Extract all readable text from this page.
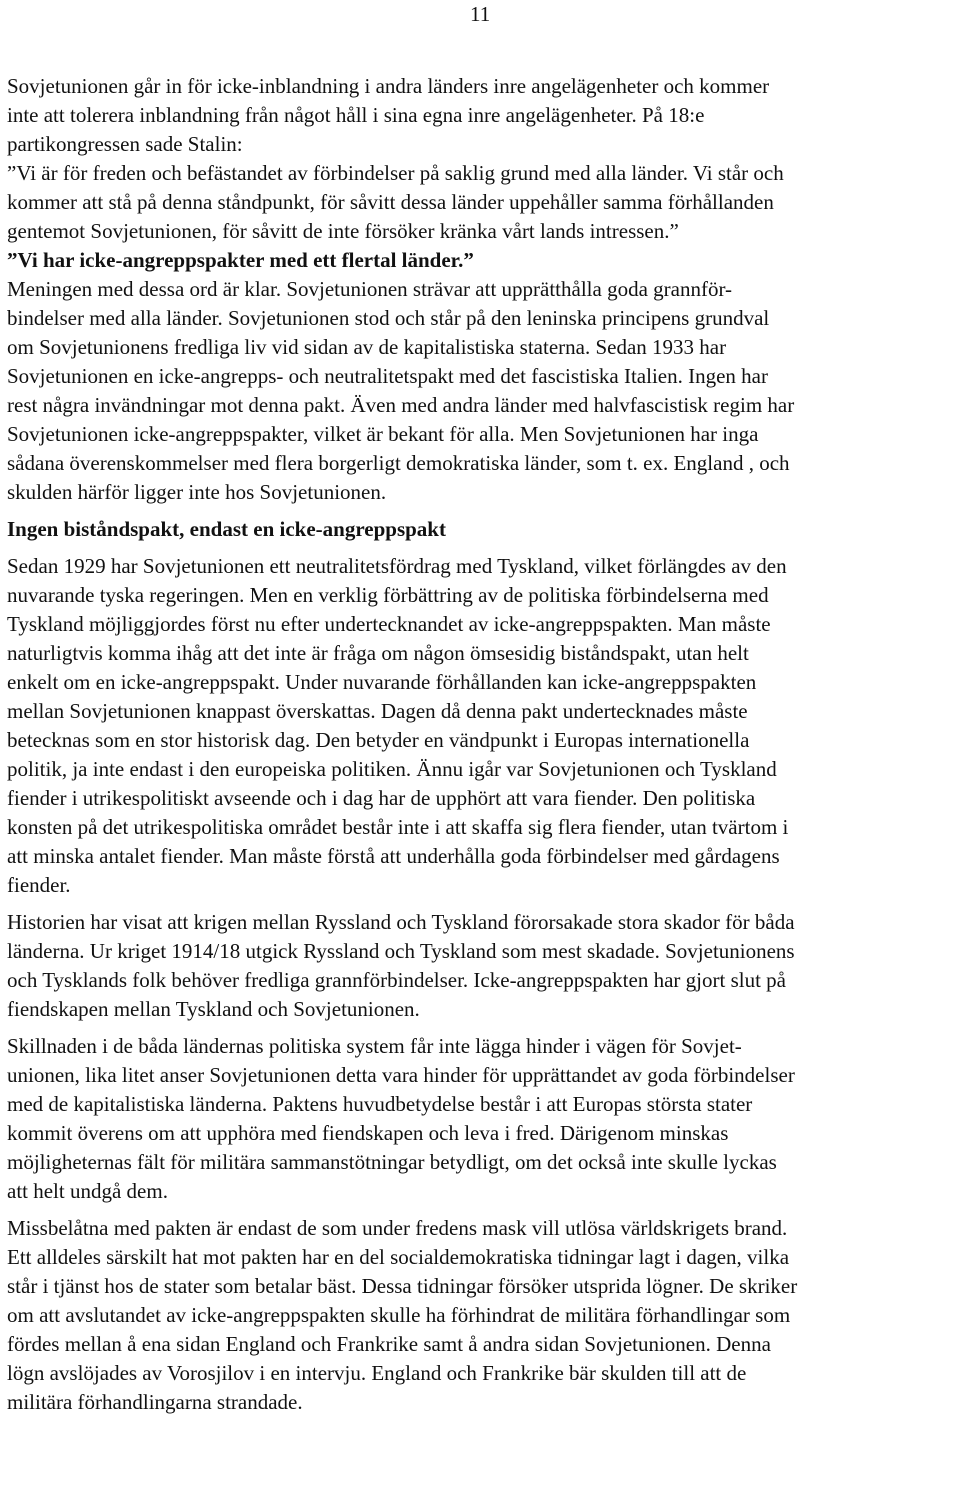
11

Sovjetunionen går in för icke-inblandning i andra länders inre angelägenheter och kommer

inte att tolerera inblandning från något håll i sina egna inre angelägenheter. På 18:e

partikongressen sade Stalin:

”Vi är för freden och befästandet av förbindelser på saklig grund med alla länder. Vi står och

kommer att stå på denna ståndpunkt, för såvitt dessa länder uppehåller samma förhållanden

gentemot Sovjetunionen, för såvitt de inte försöker kränka vårt lands intressen.”

”Vi har icke-angreppspakter med ett flertal länder.”

Meningen med dessa ord är klar. Sovjetunionen strävar att upprätthålla goda grannför-

bindelser med alla länder. Sovjetunionen stod och står på den leninska principens grundval

om Sovjetunionens fredliga liv vid sidan av de kapitalistiska staterna. Sedan 1933 har

Sovjetunionen en icke-angrepps- och neutralitetspakt med det fascistiska Italien. Ingen har

rest några invändningar mot denna pakt. Även med andra länder med halvfascistisk regim har

Sovjetunionen icke-angreppspakter, vilket är bekant för alla. Men Sovjetunionen har inga

sådana överenskommelser med flera borgerligt demokratiska länder, som t. ex. England , och

skulden härför ligger inte hos Sovjetunionen.

Ingen biståndspakt, endast en icke-angreppspakt

Sedan 1929 har Sovjetunionen ett neutralitetsfördrag med Tyskland, vilket förlängdes av den

nuvarande tyska regeringen. Men en verklig förbättring av de politiska förbindelserna med

Tyskland möjliggjordes först nu efter undertecknandet av icke-angreppspakten. Man måste

naturligtvis komma ihåg att det inte är fråga om någon ömsesidig biståndspakt, utan helt

enkelt om en icke-angreppspakt. Under nuvarande förhållanden kan icke-angreppspakten

mellan Sovjetunionen knappast överskattas. Dagen då denna pakt undertecknades måste

betecknas som en stor historisk dag. Den betyder en vändpunkt i Europas internationella

politik, ja inte endast i den europeiska politiken. Ännu igår var Sovjetunionen och Tyskland

fiender i utrikespolitiskt avseende och i dag har de upphört att vara fiender. Den politiska

konsten på det utrikespolitiska området består inte i att skaffa sig flera fiender, utan tvärtom i

att minska antalet fiender. Man måste förstå att underhålla goda förbindelser med gårdagens

fiender.

Historien har visat att krigen mellan Ryssland och Tyskland förorsakade stora skador för båda

länderna. Ur kriget 1914/18 utgick Ryssland och Tyskland som mest skadade. Sovjetunionens

och Tysklands folk behöver fredliga grannförbindelser. Icke-angreppspakten har gjort slut på

fiendskapen mellan Tyskland och Sovjetunionen.

Skillnaden i de båda ländernas politiska system får inte lägga hinder i vägen för Sovjet-

unionen, lika litet anser Sovjetunionen detta vara hinder för upprättandet av goda förbindelser

med de kapitalistiska länderna. Paktens huvudbetydelse består i att Europas största stater

kommit överens om att upphöra med fiendskapen och leva i fred. Därigenom minskas

möjligheternas fält för militära sammanstötningar betydligt, om det också inte skulle lyckas

att helt undgå dem.

Missbelåtna med pakten är endast de som under fredens mask vill utlösa världskrigets brand.

Ett alldeles särskilt hat mot pakten har en del socialdemokratiska tidningar lagt i dagen, vilka

står i tjänst hos de stater som betalar bäst. Dessa tidningar försöker utsprida lögner. De skriker

om att avslutandet av icke-angreppspakten skulle ha förhindrat de militära förhandlingar som

fördes mellan å ena sidan England och Frankrike samt å andra sidan Sovjetunionen. Denna

lögn avslöjades av Vorosjilov i en intervju. England och Frankrike bär skulden till att de

militära förhandlingarna strandade.
